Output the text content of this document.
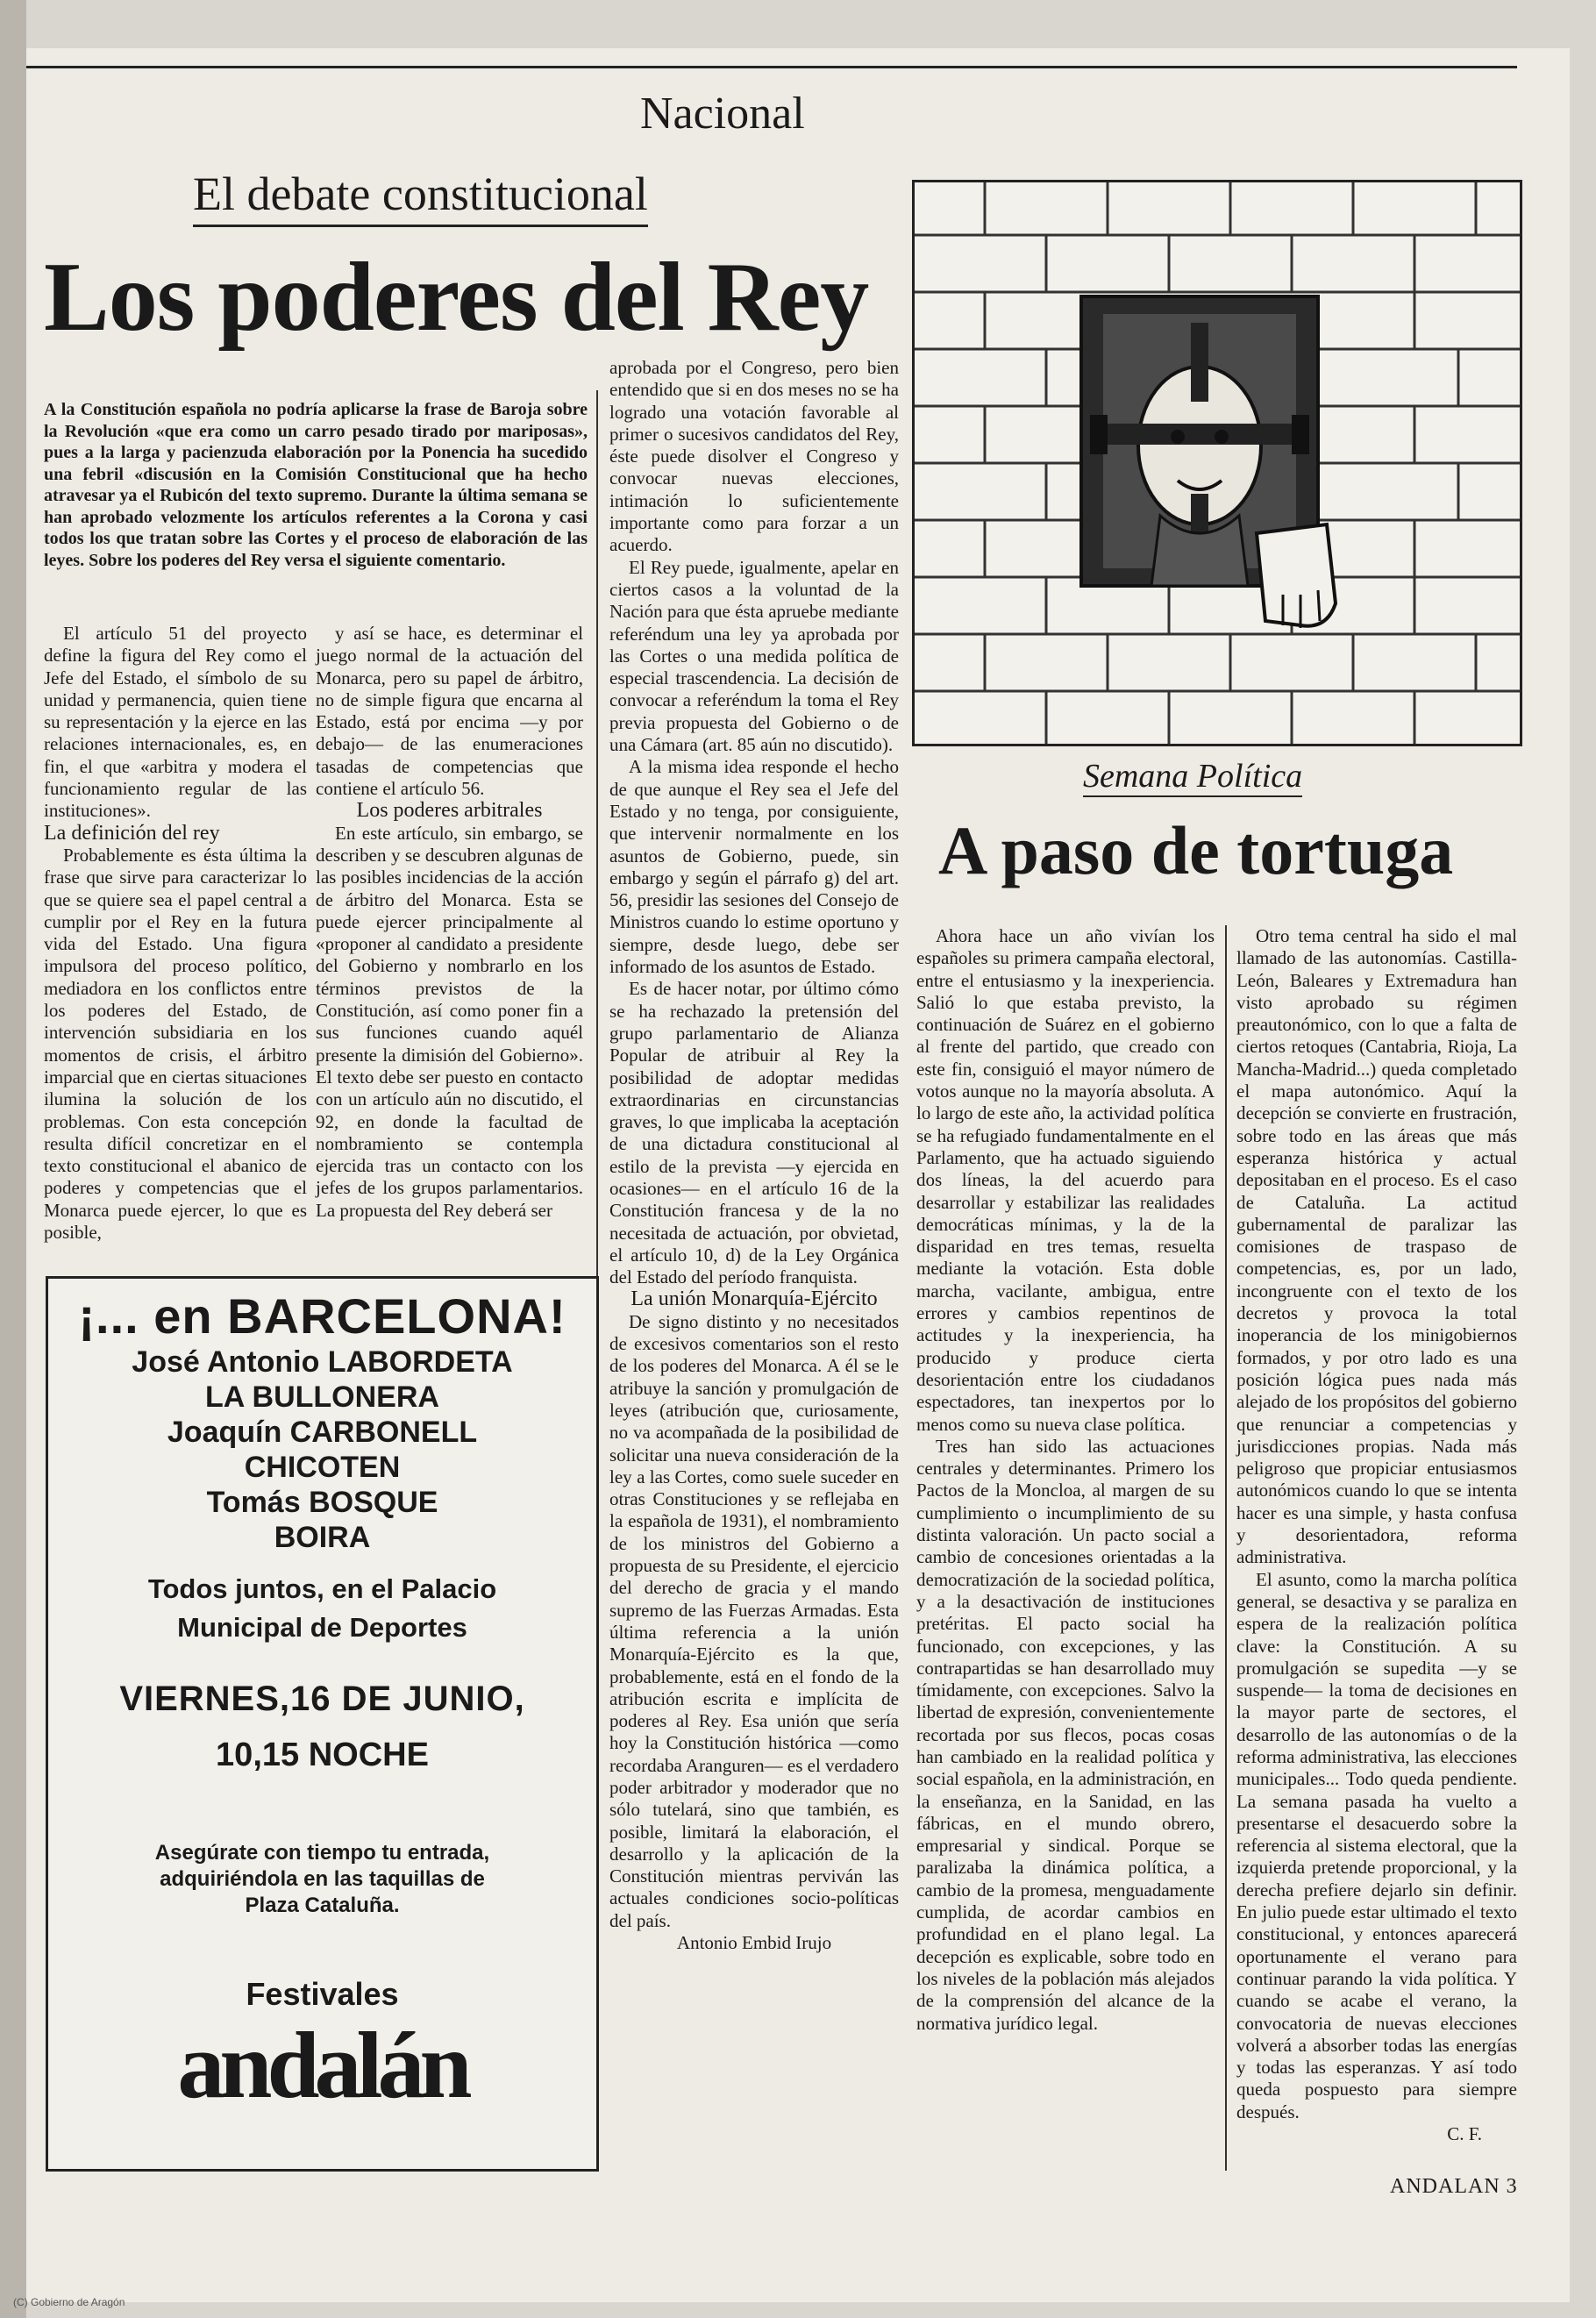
Nacional
El debate constitucional
Los poderes del Rey
A la Constitución española no podría aplicarse la frase de Baroja sobre la Revolución «que era como un carro pesado tirado por mariposas», pues a la larga y pacienzuda elaboración por la Ponencia ha sucedido una febril «discusión en la Comisión Constitucional que ha hecho atravesar ya el Rubicón del texto supremo. Durante la última semana se han aprobado velozmente los artículos referentes a la Corona y casi todos los que tratan sobre las Cortes y el proceso de elaboración de las leyes. Sobre los poderes del Rey versa el siguiente comentario.

El artículo 51 del proyecto define la figura del Rey como el Jefe del Estado, el símbolo de su unidad y permanencia, quien tiene su representación y la ejerce en las relaciones internacionales, es, en fin, el que «arbitra y modera el funcionamiento regular de las instituciones».

La definición del rey

Probablemente es ésta última la frase que sirve para caracterizar lo que se quiere sea el papel central a cumplir por el Rey en la futura vida del Estado. Una figura impulsora del proceso político, mediadora en los conflictos entre los poderes del Estado, de intervención subsidiaria en los momentos de crisis, el árbitro imparcial que en ciertas situaciones ilumina la solución de los problemas. Con esta concepción resulta difícil concretizar en el texto constitucional el abanico de poderes y competencias que el Monarca puede ejercer, lo que es posible,

y así se hace, es determinar el juego normal de la actuación del Monarca, pero su papel de árbitro, no de simple figura que encarna al Estado, está por encima —y por debajo— de las enumeraciones tasadas de competencias que contiene el artículo 56.

Los poderes arbitrales

En este artículo, sin embargo, se describen y se descubren algunas de las posibles incidencias de la acción de árbitro del Monarca. Esta se puede ejercer principalmente al «proponer al candidato a presidente del Gobierno y nombrarlo en los términos previstos de la Constitución, así como poner fin a sus funciones cuando aquél presente la dimisión del Gobierno». El texto debe ser puesto en contacto con un artículo aún no discutido, el 92, en donde la facultad de nombramiento se contempla ejercida tras un contacto con los jefes de los grupos parlamentarios. La propuesta del Rey deberá ser

aprobada por el Congreso, pero bien entendido que si en dos meses no se ha logrado una votación favorable al primer o sucesivos candidatos del Rey, éste puede disolver el Congreso y convocar nuevas elecciones, intimación lo suficientemente importante como para forzar a un acuerdo.

El Rey puede, igualmente, apelar en ciertos casos a la voluntad de la Nación para que ésta apruebe mediante referéndum una ley ya aprobada por las Cortes o una medida política de especial trascendencia. La decisión de convocar a referéndum la toma el Rey previa propuesta del Gobierno o de una Cámara (art. 85 aún no discutido).

A la misma idea responde el hecho de que aunque el Rey sea el Jefe del Estado y no tenga, por consiguiente, que intervenir normalmente en los asuntos de Gobierno, puede, sin embargo y según el párrafo g) del art. 56, presidir las sesiones del Consejo de Ministros cuando lo estime oportuno y siempre, desde luego, debe ser informado de los asuntos de Estado.

Es de hacer notar, por último cómo se ha rechazado la pretensión del grupo parlamentario de Alianza Popular de atribuir al Rey la posibilidad de adoptar medidas extraordinarias en circunstancias graves, lo que implicaba la aceptación de una dictadura constitucional al estilo de la prevista —y ejercida en ocasiones— en el artículo 16 de la Constitución francesa y de la no necesitada de actuación, por obvietad, el artículo 10, d) de la Ley Orgánica del Estado del período franquista.

La unión Monarquía-Ejército

De signo distinto y no necesitados de excesivos comentarios son el resto de los poderes del Monarca. A él se le atribuye la sanción y promulgación de leyes (atribución que, curiosamente, no va acompañada de la posibilidad de solicitar una nueva consideración de la ley a las Cortes, como suele suceder en otras Constituciones y se reflejaba en la española de 1931), el nombramiento de los ministros del Gobierno a propuesta de su Presidente, el ejercicio del derecho de gracia y el mando supremo de las Fuerzas Armadas. Esta última referencia a la unión Monarquía-Ejército es la que, probablemente, está en el fondo de la atribución escrita e implícita de poderes al Rey. Esa unión que sería hoy la Constitución histórica —como recordaba Aranguren— es el verdadero poder arbitrador y moderador que no sólo tutelará, sino que también, es posible, limitará la elaboración, el desarrollo y la aplicación de la Constitución mientras perviván las actuales condiciones socio-políticas del país.

Antonio Embid Irujo

¡... en BARCELONA!
José Antonio LABORDETA
LA BULLONERA
Joaquín CARBONELL
CHICOTEN
Tomás BOSQUE
BOIRA
Todos juntos, en el Palacio
Municipal de Deportes
VIERNES,16 DE JUNIO,
10,15 NOCHE
Asegúrate con tiempo tu entrada,
adquiriéndola en las taquillas de
Plaza Cataluña.
Festivales
andalán
Semana Política
A paso de tortuga

Ahora hace un año vivían los españoles su primera campaña electoral, entre el entusiasmo y la inexperiencia. Salió lo que estaba previsto, la continuación de Suárez en el gobierno al frente del partido, que creado con este fin, consiguió el mayor número de votos aunque no la mayoría absoluta. A lo largo de este año, la actividad política se ha refugiado fundamentalmente en el Parlamento, que ha actuado siguiendo dos líneas, la del acuerdo para desarrollar y estabilizar las realidades democráticas mínimas, y la de la disparidad en tres temas, resuelta mediante la votación. Esta doble marcha, vacilante, ambigua, entre errores y cambios repentinos de actitudes y la inexperiencia, ha producido y produce cierta desorientación entre los ciudadanos espectadores, tan inexpertos por lo menos como su nueva clase política.

Tres han sido las actuaciones centrales y determinantes. Primero los Pactos de la Moncloa, al margen de su cumplimiento o incumplimiento de su distinta valoración. Un pacto social a cambio de concesiones orientadas a la democratización de la sociedad política, y a la desactivación de instituciones pretéritas. El pacto social ha funcionado, con excepciones, y las contrapartidas se han desarrollado muy tímidamente, con excepciones. Salvo la libertad de expresión, convenientemente recortada por sus flecos, pocas cosas han cambiado en la realidad política y social española, en la administración, en la enseñanza, en la Sanidad, en las fábricas, en el mundo obrero, empresarial y sindical. Porque se paralizaba la dinámica política, a cambio de la promesa, menguadamente cumplida, de acordar cambios en profundidad en el plano legal. La decepción es explicable, sobre todo en los niveles de la población más alejados de la comprensión del alcance de la normativa jurídico legal.

Otro tema central ha sido el mal llamado de las autonomías. Castilla-León, Baleares y Extremadura han visto aprobado su régimen preautonómico, con lo que a falta de ciertos retoques (Cantabria, Rioja, La Mancha-Madrid...) queda completado el mapa autonómico. Aquí la decepción se convierte en frustración, sobre todo en las áreas que más esperanza histórica y actual depositaban en el proceso. Es el caso de Cataluña. La actitud gubernamental de paralizar las comisiones de traspaso de competencias, es, por un lado, incongruente con el texto de los decretos y provoca la total inoperancia de los minigobiernos formados, y por otro lado es una posición lógica pues nada más alejado de los propósitos del gobierno que renunciar a competencias y jurisdicciones propias. Nada más peligroso que propiciar entusiasmos autonómicos cuando lo que se intenta hacer es una simple, y hasta confusa y desorientadora, reforma administrativa.

El asunto, como la marcha política general, se desactiva y se paraliza en espera de la realización política clave: la Constitución. A su promulgación se supedita —y se suspende— la toma de decisiones en la mayor parte de sectores, el desarrollo de las autonomías o de la reforma administrativa, las elecciones municipales... Todo queda pendiente. La semana pasada ha vuelto a presentarse el desacuerdo sobre la referencia al sistema electoral, que la izquierda pretende proporcional, y la derecha prefiere dejarlo sin definir. En julio puede estar ultimado el texto constitucional, y entonces aparecerá oportunamente el verano para continuar parando la vida política. Y cuando se acabe el verano, la convocatoria de nuevas elecciones volverá a absorber todas las energías y todas las esperanzas. Y así todo queda pospuesto para siempre después.

C. F.

ANDALAN 3
(C) Gobierno de Aragón
